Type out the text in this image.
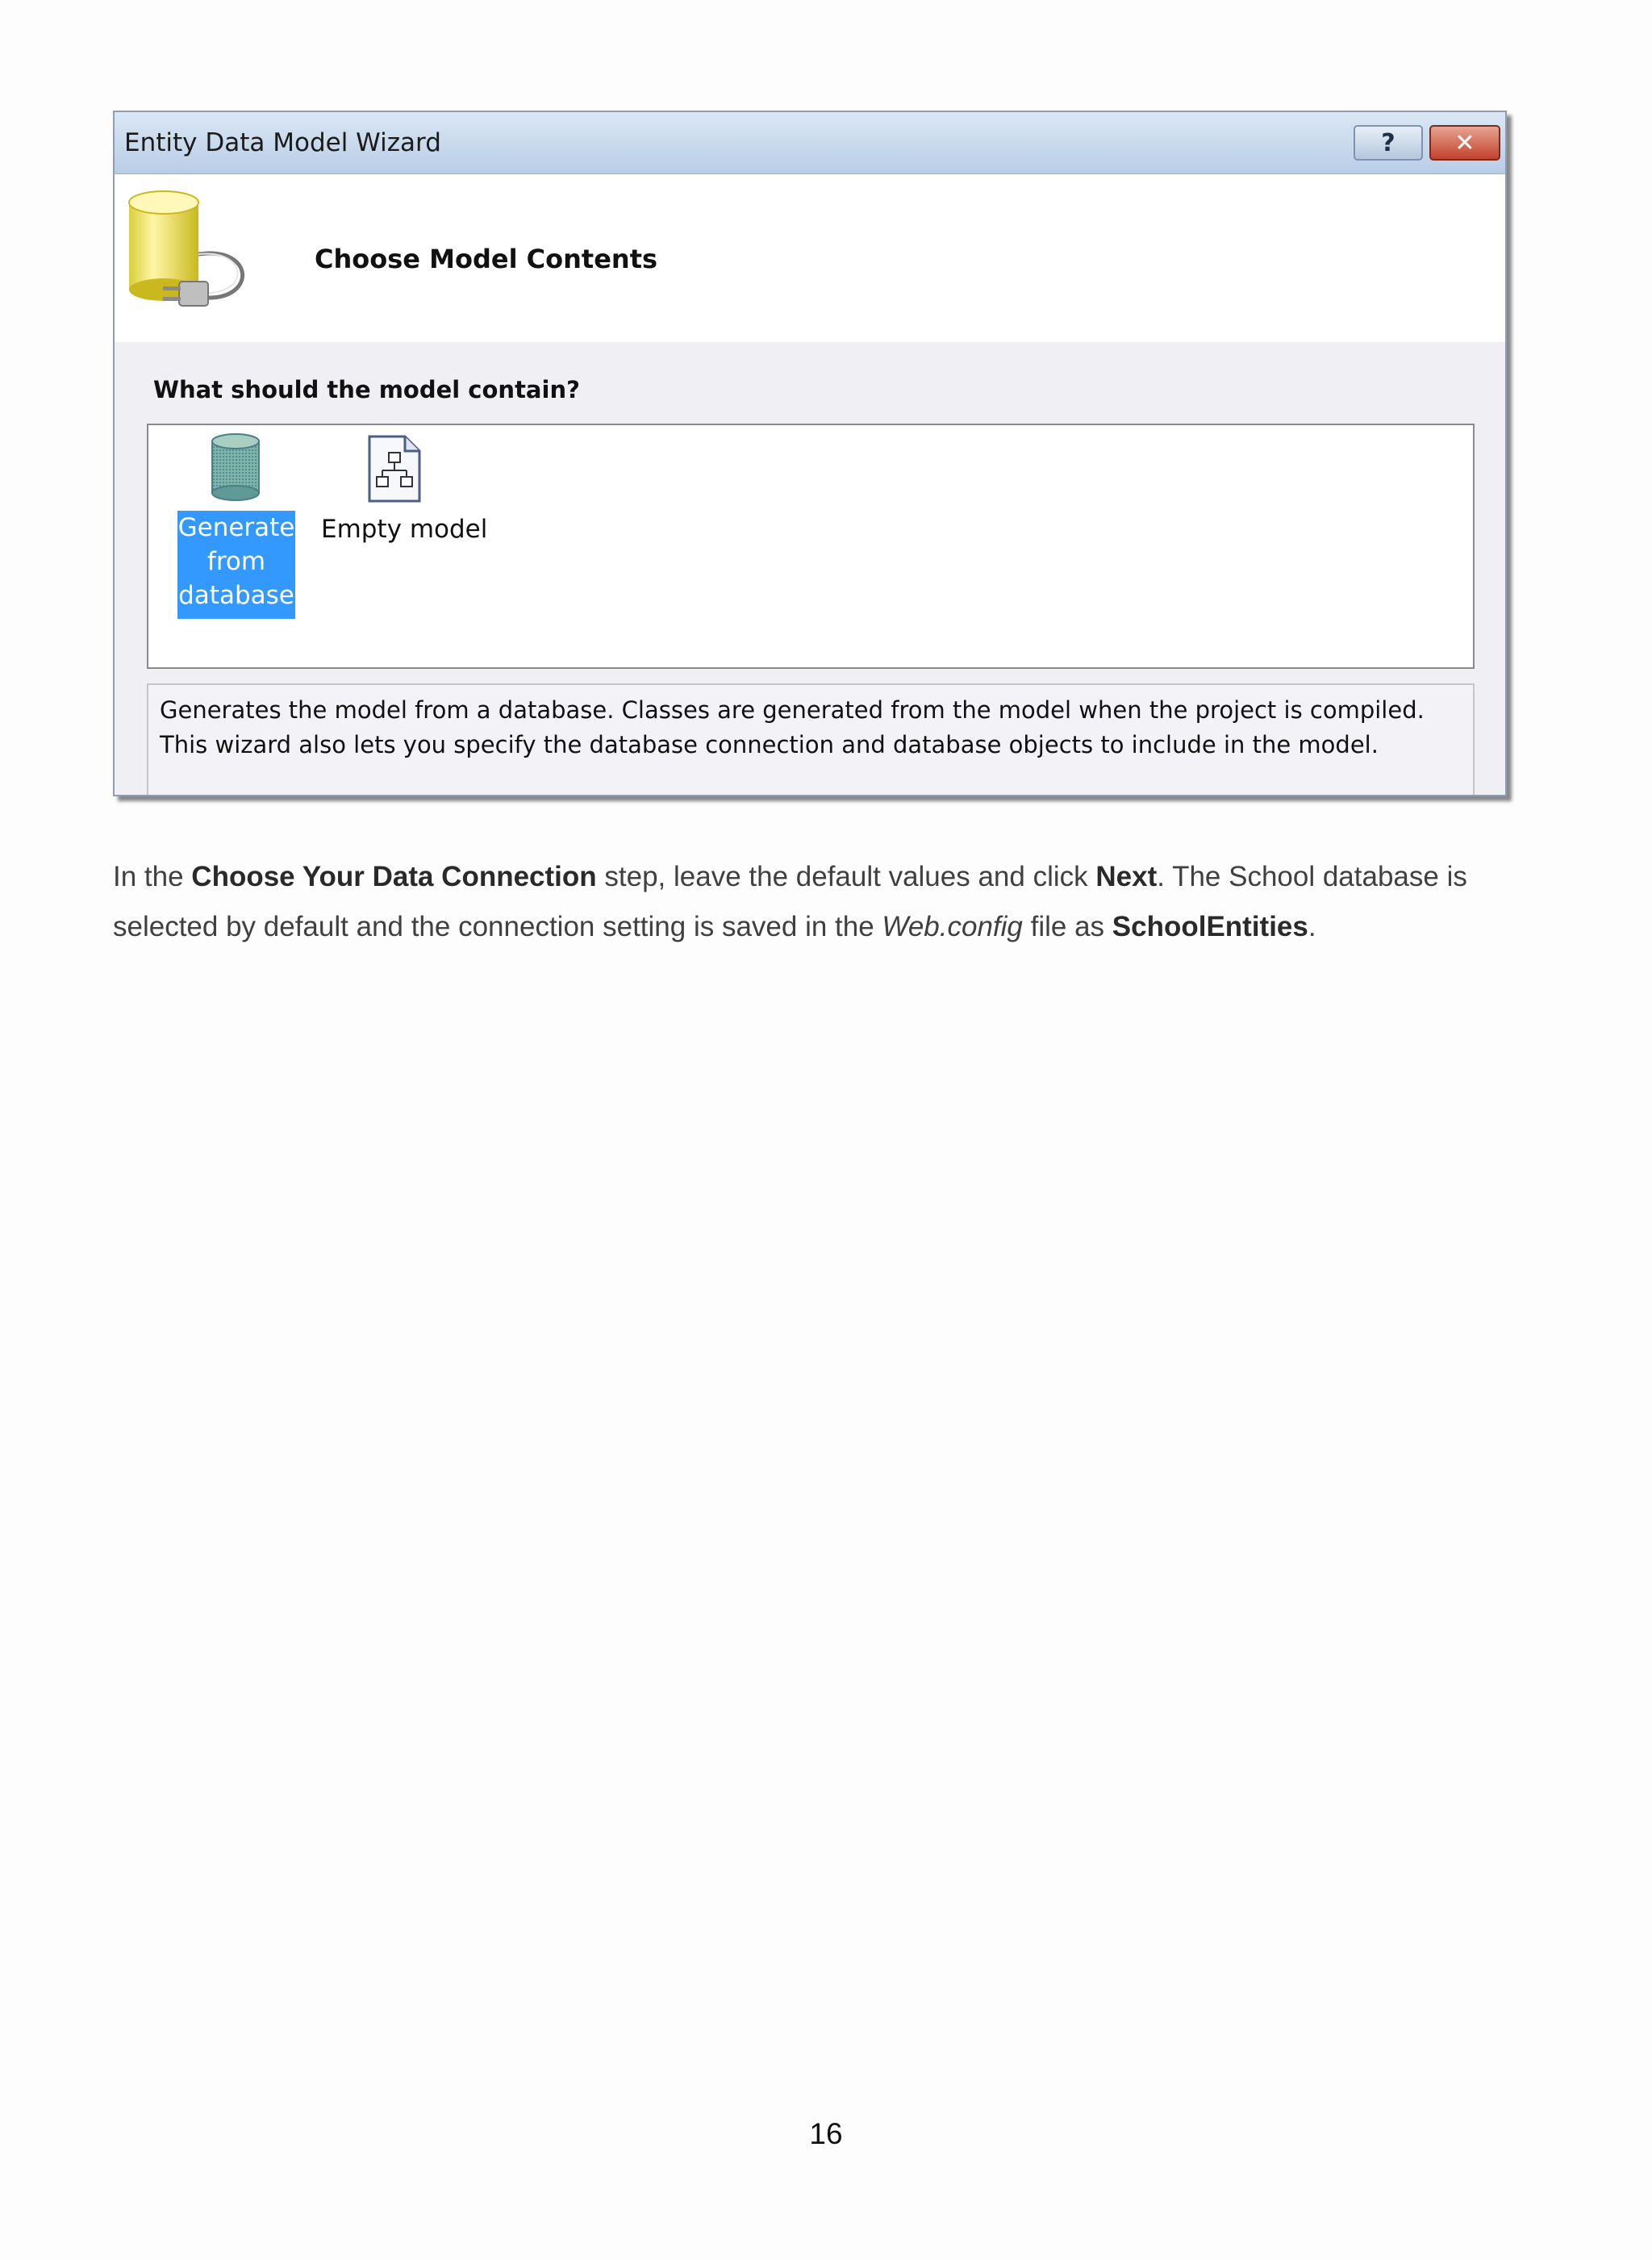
Entity Data Model Wizard	? ✕
Choose Model Contents
What should the model contain?
Generate
from
database
Empty model
Generates the model from a database. Classes are generated from the model when the project is compiled.
This wizard also lets you specify the database connection and database objects to include in the model.

In the Choose Your Data Connection step, leave the default values and click Next. The School database is selected by default and the connection setting is saved in the Web.config file as SchoolEntities.

16
